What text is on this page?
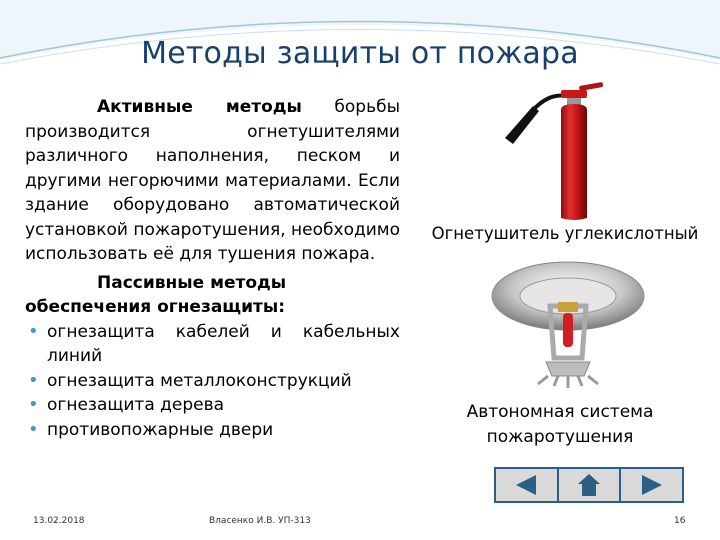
Методы защиты от пожара

Активные методы борьбы производится огнетушителями различного наполнения, песком и другими негорючими материалами. Если здание оборудовано автоматической установкой пожаротушения, необходимо использовать её для тушения пожара.

Пассивные методы

обеспечения огнезащиты:

• огнезащита кабелей и кабельных линий
• огнезащита металлоконструкций
• огнезащита дерева
• противопожарные двери
Огнетушитель углекислотный
Автономная система пожаротушения
13.02.2018	Власенко И.В. УП-313	16
